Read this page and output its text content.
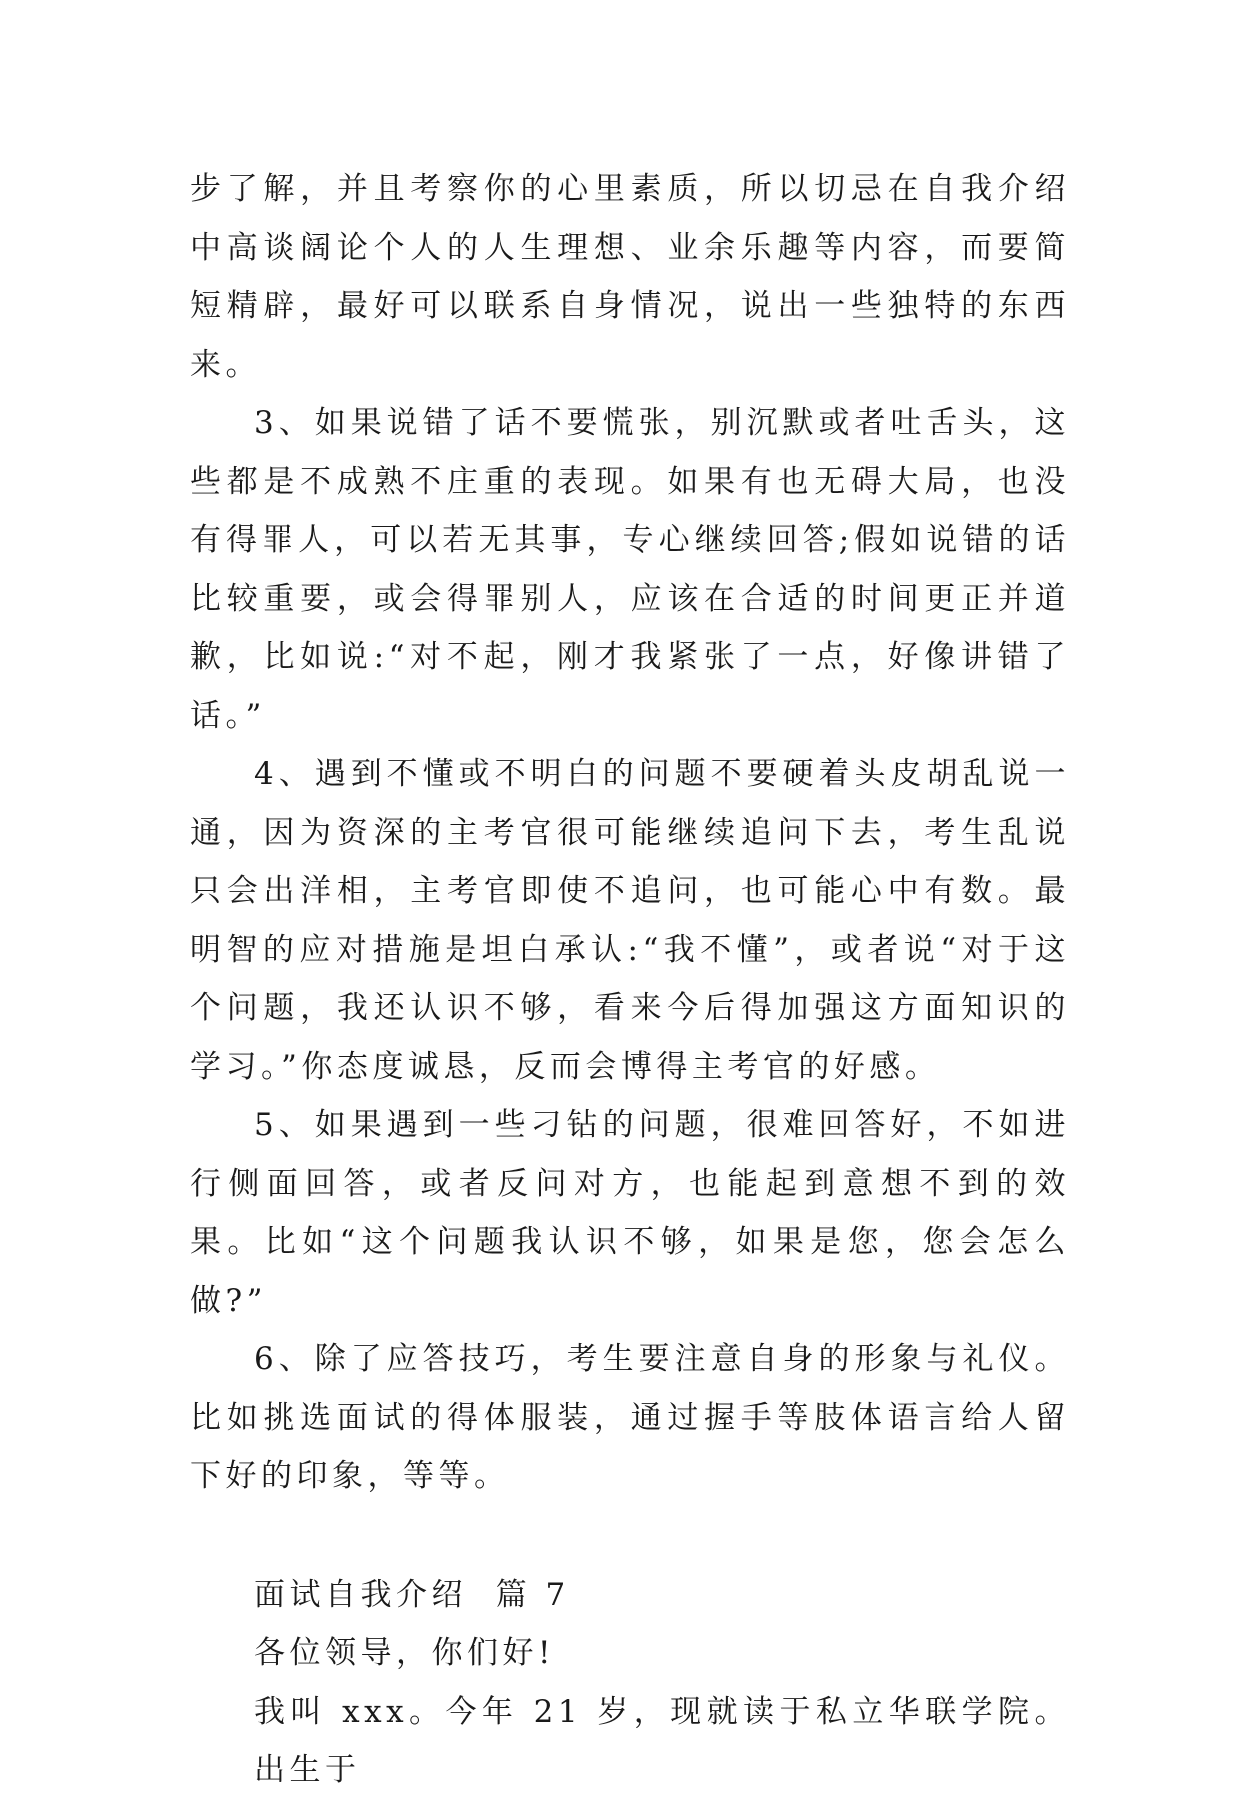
步了解，并且考察你的心里素质，所以切忌在自我介绍中高谈阔论个人的人生理想、业余乐趣等内容，而要简短精辟，最好可以联系自身情况，说出一些独特的东西来。

3、如果说错了话不要慌张，别沉默或者吐舌头，这些都是不成熟不庄重的表现。如果有也无碍大局，也没有得罪人，可以若无其事，专心继续回答;假如说错的话比较重要，或会得罪别人，应该在合适的时间更正并道歉，比如说:“对不起，刚才我紧张了一点，好像讲错了话。”

4、遇到不懂或不明白的问题不要硬着头皮胡乱说一通，因为资深的主考官很可能继续追问下去，考生乱说只会出洋相，主考官即使不追问，也可能心中有数。最明智的应对措施是坦白承认:“我不懂”，或者说“对于这个问题，我还认识不够，看来今后得加强这方面知识的学习。”你态度诚恳，反而会博得主考官的好感。

5、如果遇到一些刁钻的问题，很难回答好，不如进行侧面回答，或者反问对方，也能起到意想不到的效果。比如“这个问题我认识不够，如果是您，您会怎么做?”

6、除了应答技巧，考生要注意自身的形象与礼仪。比如挑选面试的得体服装，通过握手等肢体语言给人留下好的印象，等等。

面试自我介绍  篇 7

各位领导，你们好!

我叫 xxx。今年 21 岁，现就读于私立华联学院。出生于
